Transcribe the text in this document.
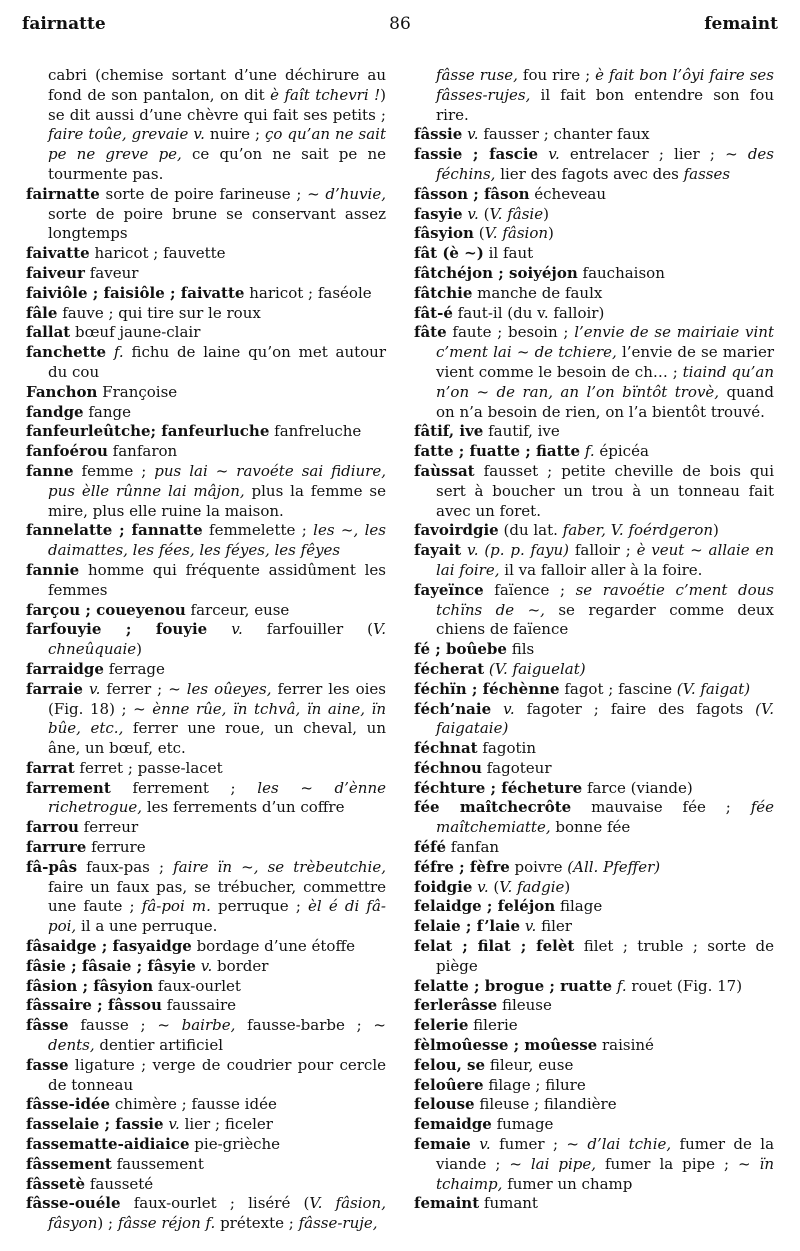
fairnatte	86	femaint

cabri (chemise sortant d’une déchirure au fond de son pantalon, on dit è faît tchevri !) se dit aussi d’une chèvre qui fait ses petits ; faire toûe, grevaie v. nuire ; ço qu’an ne sait pe ne greve pe, ce qu’on ne sait pe ne tourmente pas.

fairnatte sorte de poire farineuse ; ~ d’huvie, sorte de poire brune se conservant assez longtemps

faivatte haricot ; fauvette

faiveur faveur

faiviôle ; faisiôle ; faivatte haricot ; faséole

fâle fauve ; qui tire sur le roux

fallat bœuf jaune-clair

fanchette f. fichu de laine qu’on met autour du cou

Fanchon Françoise

fandge fange

fanfeurleûtche; fanfeurluche fanfreluche

fanfoérou fanfaron

fanne femme ; pus lai ~ ravoéte sai fidiure, pus èlle rûnne lai mâjon, plus la femme se mire, plus elle ruine la maison.

fannelatte ; fannatte femmelette ; les ~, les daimattes, les fées, les féyes, les fêyes

fannie homme qui fréquente assidûment les femmes

farçou ; coueyenou farceur, euse

farfouyie ; fouyie v. farfouiller (V. chneûquaie)

farraidge ferrage

farraie v. ferrer ; ~ les oûeyes, ferrer les oies (Fig. 18) ; ~ ènne rûe, ïn tchvâ, ïn aine, ïn bûe, etc., ferrer une roue, un cheval, un âne, un bœuf, etc.

farrat ferret ; passe-lacet

farrement ferrement ; les ~ d’ènne richetrogue, les ferrements d’un coffre

farrou ferreur

farrure ferrure

fâ-pâs faux-pas ; faire ïn ~, se trèbeutchie, faire un faux pas, se trébucher, commettre une faute ; fâ-poi m. perruque ; èl é di fâ-poi, il a une perruque.

fâsaidge ; fasyaidge bordage d’une étoffe

fâsie ; fâsaie ; fâsyie v. border

fâsion ; fâsyion faux-ourlet

fâssaire ; fâssou faussaire

fâsse fausse ; ~ bairbe, fausse-barbe ; ~ dents, dentier artificiel

fasse ligature ; verge de coudrier pour cercle de tonneau

fâsse-idée chimère ; fausse idée

fasselaie ; fassie v. lier ; ficeler

fassematte-aidiaice pie-grièche

fâssement faussement

fâssetè fausseté

fâsse-ouéle faux-ourlet ; liséré (V. fâsion, fâsyon) ; fâsse réjon f. prétexte ; fâsse-ruje,

fâsse ruse, fou rire ; è fait bon l’ôyi faire ses fâsses-rujes, il fait bon entendre son fou rire.

fâssie v. fausser ; chanter faux

fassie ; fascie v. entrelacer ; lier ; ~ des féchins, lier des fagots avec des fasses

fâsson ; fâson écheveau

fasyie v. (V. fâsie)

fâsyion (V. fâsion)

fât (è ~) il faut

fâtchéjon ; soiyéjon fauchaison

fâtchie manche de faulx

fât-é faut-il (du v. falloir)

fâte faute ; besoin ; l’envie de se mairiaie vint c’ment lai ~ de tchiere, l’envie de se marier vient comme le besoin de ch… ; tiaind qu’an n’on ~ de ran, an l’on bïntôt trovè, quand on n’a besoin de rien, on l’a bientôt trouvé.

fâtif, ive fautif, ive

fatte ; fuatte ; fiatte f. épicéa

faùssat fausset ; petite cheville de bois qui sert à boucher un trou à un tonneau fait avec un foret.

favoirdgie (du lat. faber, V. foérdgeron)

fayait v. (p. p. fayu) falloir ; è veut ~ allaie en lai foire, il va falloir aller à la foire.

fayeïnce faïence ; se ravoétie c’ment dous tchïns de ~, se regarder comme deux chiens de faïence

fé ; boûebe fils

fécherat (V. faiguelat)

féchïn ; féchènne fagot ; fascine (V. faigat)

féch’naie v. fagoter ; faire des fagots (V. faigataie)

féchnat fagotin

féchnou fagoteur

féchture ; fécheture farce (viande)

fée maîtchecrôte mauvaise fée ; fée maîtchemiatte, bonne fée

féfé fanfan

féfre ; fèfre poivre (All. Pfeffer)

foidgie v. (V. fadgie)

felaidge ; feléjon filage

felaie ; f’laie v. filer

felat ; filat ; felèt filet ; truble ; sorte de piège

felatte ; brogue ; ruatte f. rouet (Fig. 17)

ferlerâsse fileuse

felerie filerie

fèlmoûesse ; moûesse raisiné

felou, se fileur, euse

feloûere filage ; filure

felouse fileuse ; filandière

femaidge fumage

femaie v. fumer ; ~ d’lai tchie, fumer de la viande ; ~ lai pipe, fumer la pipe ; ~ ïn tchaimp, fumer un champ

femaint fumant
